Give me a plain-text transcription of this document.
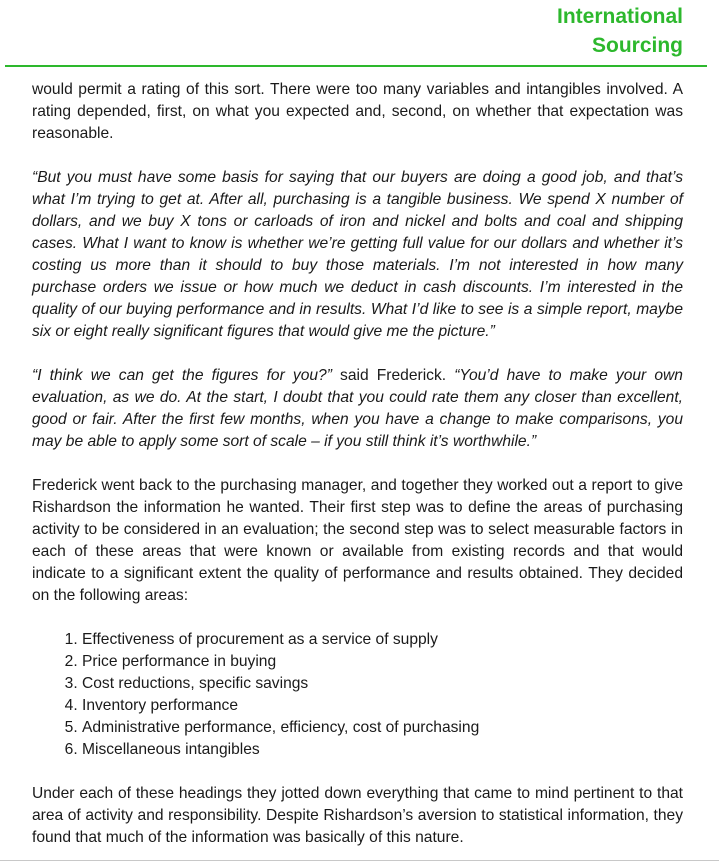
International
Sourcing

would permit a rating of this sort. There were too many variables and intangibles involved. A rating depended, first, on what you expected and, second, on whether that expectation was reasonable.

“But you must have some basis for saying that our buyers are doing a good job, and that’s what I’m trying to get at. After all, purchasing is a tangible business. We spend X number of dollars, and we buy X tons or carloads of iron and nickel and bolts and coal and shipping cases. What I want to know is whether we’re getting full value for our dollars and whether it’s costing us more than it should to buy those materials. I’m not interested in how many purchase orders we issue or how much we deduct in cash discounts. I’m interested in the quality of our buying performance and in results. What I’d like to see is a simple report, maybe six or eight really significant figures that would give me the picture.”

“I think we can get the figures for you?” said Frederick. “You’d have to make your own evaluation, as we do. At the start, I doubt that you could rate them any closer than excellent, good or fair. After the first few months, when you have a change to make comparisons, you may be able to apply some sort of scale – if you still think it’s worthwhile.”

Frederick went back to the purchasing manager, and together they worked out a report to give Rishardson the information he wanted. Their first step was to define the areas of purchasing activity to be considered in an evaluation; the second step was to select measurable factors in each of these areas that were known or available from existing records and that would indicate to a significant extent the quality of performance and results obtained. They decided on the following areas:

1. Effectiveness of procurement as a service of supply
2. Price performance in buying
3. Cost reductions, specific savings
4. Inventory performance
5. Administrative performance, efficiency, cost of purchasing
6. Miscellaneous intangibles

Under each of these headings they jotted down everything that came to mind pertinent to that area of activity and responsibility. Despite Rishardson’s aversion to statistical information, they found that much of the information was basically of this nature.
